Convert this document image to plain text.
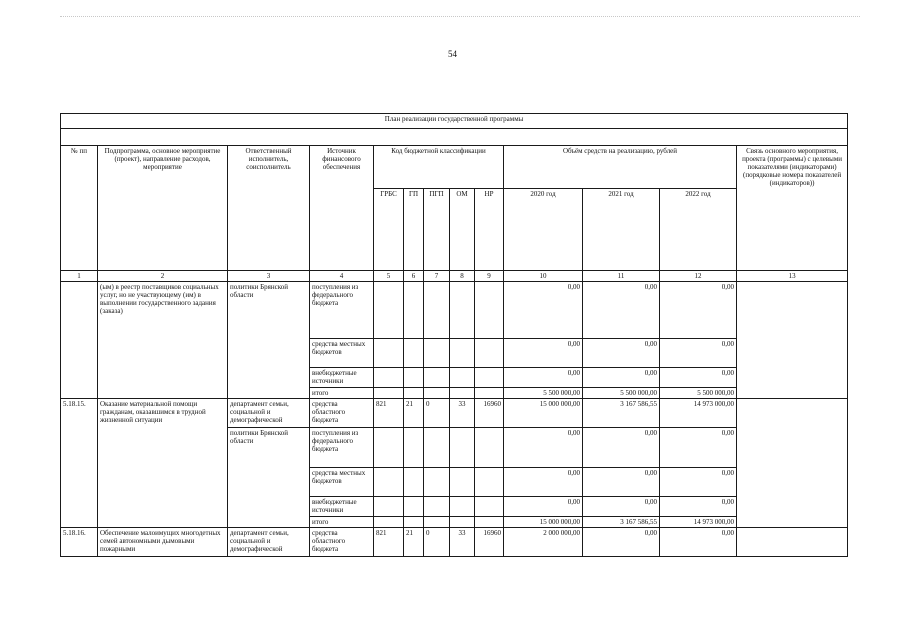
54
План реализации государственной программы												

№ пп	Подпрограмма, основное мероприятие (проект), направление расходов, мероприятие	Ответственный исполнитель, соисполнитель	Источник финансового обеспечения	Код бюджетной классификации					Объём средств на реализацию, рублей			Связь основного мероприятия, проекта (программы) с целевыми показателями (индикаторами) (порядковые номера показателей (индикаторов))
				ГРБС	ГП	ПГП	ОМ	НР	2020 год	2021 год	2022 год	
1	2	3	4	5	6	7	8	9	10	11	12	13
	(ым) в реестр поставщиков социальных услуг, но не участвующему (им) в выполнении государственного задания (заказа)	политики Брянской области	поступления из федерального бюджета						0,00	0,00	0,00	
			средства местных бюджетов						0,00	0,00	0,00	
			внебюджетные источники						0,00	0,00	0,00	
			итого						5 500 000,00	5 500 000,00	5 500 000,00	
5.18.15.	Оказание материальной помощи гражданам, оказавшимся в трудной жизненной ситуации	департамент семьи, социальной и демографической	средства областного бюджета	821	21	0	33	16960	15 000 000,00	3 167 586,55	14 973 000,00	
		политики Брянской области	поступления из федерального бюджета						0,00	0,00	0,00	
			средства местных бюджетов						0,00	0,00	0,00	
			внебюджетные источники						0,00	0,00	0,00	
			итого						15 000 000,00	3 167 586,55	14 973 000,00	
5.18.16.	Обеспечение малоимущих многодетных семей автономными дымовыми пожарными	департамент семьи, социальной и демографической	средства областного бюджета	821	21	0	33	16960	2 000 000,00	0,00	0,00	
